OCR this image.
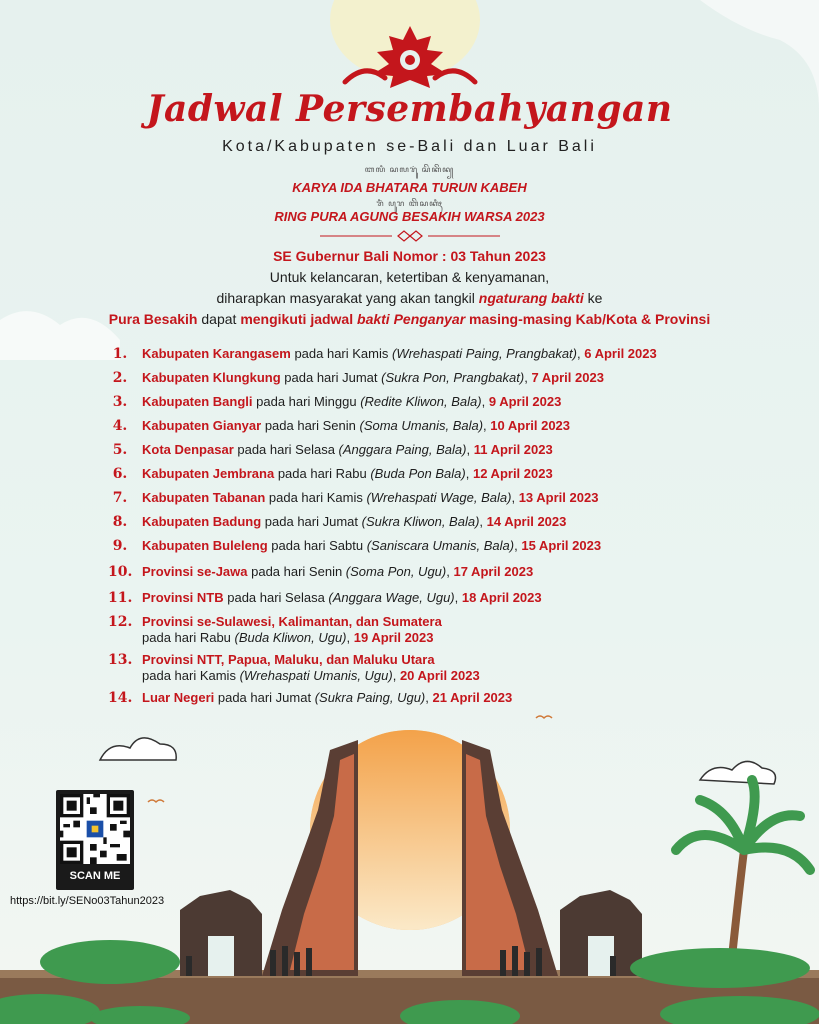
Jadwal Persembahyangan
Kota/Kabupaten se-Bali dan Luar Bali
ꦧꦭꦶ ꦱꦭꦫꦸꦁ ꦱꦼꦏꦼꦤ꧀
KARYA IDA BHATARA TURUN KABEH
ꦫꦶꦁ ꦥꦸꦫ ꦧꦼꦱꦏꦶꦃ
RING PURA AGUNG BESAKIH WARSA 2023
SE Gubernur Bali Nomor : 03 Tahun 2023
Untuk kelancaran, ketertiban & kenyamanan,
diharapkan masyarakat yang akan tangkil ngaturang bakti ke
Pura Besakih dapat mengikuti jadwal bakti Penganyar masing-masing Kab/Kota & Provinsi
1.	Kabupaten Karangasem pada hari Kamis (Wrehaspati Paing, Prangbakat), 6 April 2023
2.	Kabupaten Klungkung pada hari Jumat (Sukra Pon, Prangbakat), 7 April 2023
3.	Kabupaten Bangli pada hari Minggu (Redite Kliwon, Bala), 9 April 2023
4.	Kabupaten Gianyar pada hari Senin (Soma Umanis, Bala), 10 April 2023
5.	Kota Denpasar pada hari Selasa (Anggara Paing, Bala), 11 April 2023
6.	Kabupaten Jembrana pada hari Rabu (Buda Pon Bala), 12 April 2023
7.	Kabupaten Tabanan pada hari Kamis (Wrehaspati Wage, Bala), 13 April 2023
8.	Kabupaten Badung pada hari Jumat (Sukra Kliwon, Bala), 14 April 2023
9.	Kabupaten Buleleng pada hari Sabtu (Saniscara Umanis, Bala), 15 April 2023
10. Provinsi se-Jawa pada hari Senin (Soma Pon, Ugu), 17 April 2023
11. Provinsi NTB pada hari Selasa (Anggara Wage, Ugu), 18 April 2023
12. Provinsi se-Sulawesi, Kalimantan, dan Sumatera
pada hari Rabu (Buda Kliwon, Ugu), 19 April 2023
13. Provinsi NTT, Papua, Maluku, dan Maluku Utara
pada hari Kamis (Wrehaspati Umanis, Ugu), 20 April 2023
14. Luar Negeri pada hari Jumat (Sukra Paing, Ugu), 21 April 2023
SCAN ME
https://bit.ly/SENo03Tahun2023
